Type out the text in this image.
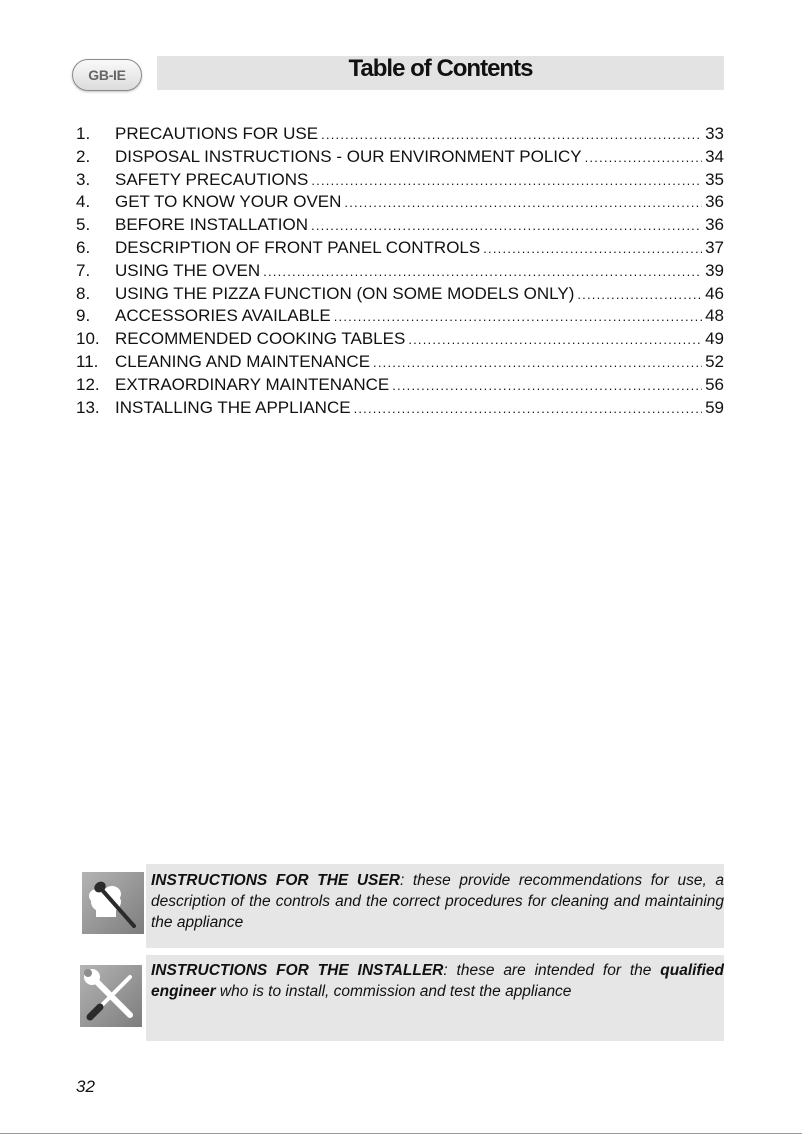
GB-IE	Table of Contents
1.	PRECAUTIONS FOR USE .....	33
2.	DISPOSAL INSTRUCTIONS - OUR ENVIRONMENT POLICY .....	34
3.	SAFETY PRECAUTIONS .....	35
4.	GET TO KNOW YOUR OVEN .....	36
5.	BEFORE INSTALLATION .....	36
6.	DESCRIPTION OF FRONT PANEL CONTROLS .....	37
7.	USING THE OVEN .....	39
8.	USING THE PIZZA FUNCTION (ON SOME MODELS ONLY) .....	46
9.	ACCESSORIES AVAILABLE .....	48
10. RECOMMENDED COOKING TABLES .....	49
11. CLEANING AND MAINTENANCE .....	52
12. EXTRAORDINARY MAINTENANCE .....	56
13. INSTALLING THE APPLIANCE .....	59
INSTRUCTIONS FOR THE USER: these provide recommendations for use, a description of the controls and the correct procedures for cleaning and maintaining the appliance
INSTRUCTIONS FOR THE INSTALLER: these are intended for the qualified engineer who is to install, commission and test the appliance
32
